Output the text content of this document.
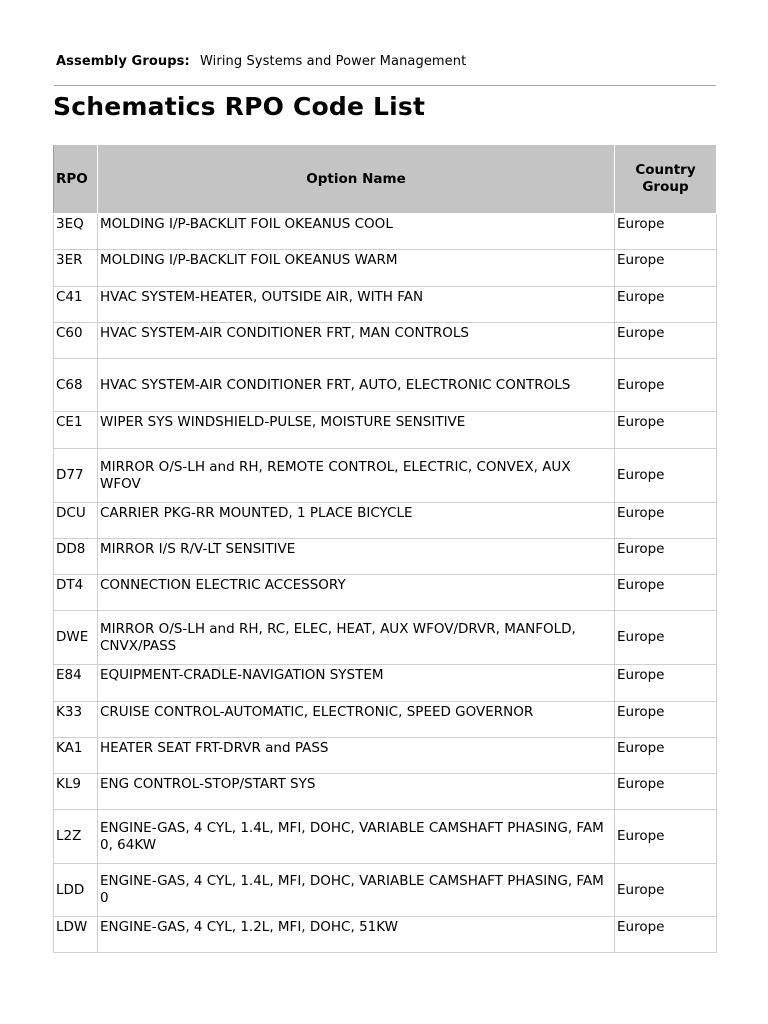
Assembly Groups: Wiring Systems and Power Management
Schematics RPO Code List
RPO	Option Name	Country Group
3EQ	MOLDING I/P-BACKLIT FOIL OKEANUS COOL	Europe
3ER	MOLDING I/P-BACKLIT FOIL OKEANUS WARM	Europe
C41	HVAC SYSTEM-HEATER, OUTSIDE AIR, WITH FAN	Europe
C60	HVAC SYSTEM-AIR CONDITIONER FRT, MAN CONTROLS	Europe
C68	HVAC SYSTEM-AIR CONDITIONER FRT, AUTO, ELECTRONIC CONTROLS	Europe
CE1	WIPER SYS WINDSHIELD-PULSE, MOISTURE SENSITIVE	Europe
D77	MIRROR O/S-LH and RH, REMOTE CONTROL, ELECTRIC, CONVEX, AUX WFOV	Europe
DCU	CARRIER PKG-RR MOUNTED, 1 PLACE BICYCLE	Europe
DD8	MIRROR I/S R/V-LT SENSITIVE	Europe
DT4	CONNECTION ELECTRIC ACCESSORY	Europe
DWE	MIRROR O/S-LH and RH, RC, ELEC, HEAT, AUX WFOV/DRVR, MANFOLD, CNVX/PASS	Europe
E84	EQUIPMENT-CRADLE-NAVIGATION SYSTEM	Europe
K33	CRUISE CONTROL-AUTOMATIC, ELECTRONIC, SPEED GOVERNOR	Europe
KA1	HEATER SEAT FRT-DRVR and PASS	Europe
KL9	ENG CONTROL-STOP/START SYS	Europe
L2Z	ENGINE-GAS, 4 CYL, 1.4L, MFI, DOHC, VARIABLE CAMSHAFT PHASING, FAM 0, 64KW	Europe
LDD	ENGINE-GAS, 4 CYL, 1.4L, MFI, DOHC, VARIABLE CAMSHAFT PHASING, FAM 0	Europe
LDW	ENGINE-GAS, 4 CYL, 1.2L, MFI, DOHC, 51KW	Europe
